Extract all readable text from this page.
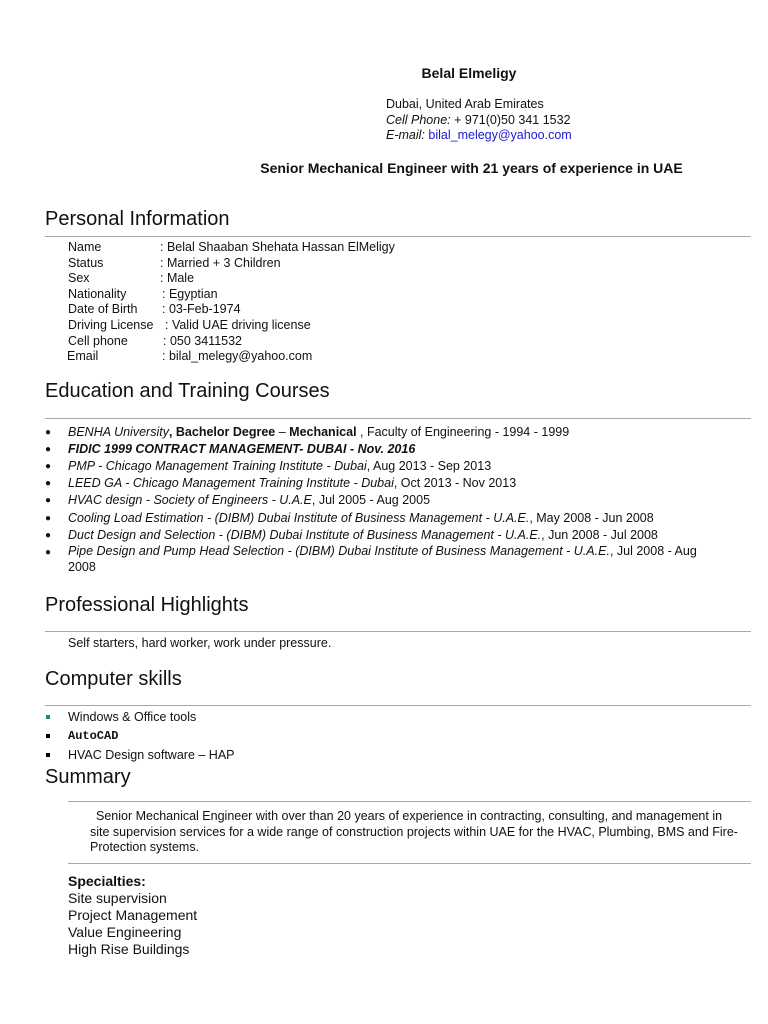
Belal Elmeligy
Dubai, United Arab Emirates
Cell Phone: + 971(0)50 341 1532
E-mail: bilal_melegy@yahoo.com
Senior Mechanical Engineer with 21 years of experience in UAE
Personal Information
Name	: Belal Shaaban Shehata Hassan ElMeligy
Status	: Married + 3 Children
Sex	: Male
Nationality	: Egyptian
Date of Birth : 03-Feb-1974
Driving License : Valid UAE driving license
Cell phone	: 050 3411532
Email	: bilal_melegy@yahoo.com
Education and Training Courses
● BENHA University, Bachelor Degree – Mechanical , Faculty of Engineering - 1994 - 1999
● FIDIC 1999 CONTRACT MANAGEMENT- DUBAI - Nov. 2016
● PMP - Chicago Management Training Institute - Dubai, Aug 2013 - Sep 2013
● LEED GA - Chicago Management Training Institute - Dubai, Oct 2013 - Nov 2013
● HVAC design - Society of Engineers - U.A.E, Jul 2005 - Aug 2005
● Cooling Load Estimation - (DIBM) Dubai Institute of Business Management - U.A.E., May 2008 - Jun 2008
● Duct Design and Selection - (DIBM) Dubai Institute of Business Management - U.A.E., Jun 2008 - Jul 2008
● Pipe Design and Pump Head Selection - (DIBM) Dubai Institute of Business Management - U.A.E., Jul 2008 - Aug 2008
Professional Highlights
Self starters, hard worker, work under pressure.
Computer skills
Windows & Office tools
AutoCAD
HVAC Design software – HAP
Summary
Senior Mechanical Engineer with over than 20 years of experience in contracting, consulting, and management in site supervision services for a wide range of construction projects within UAE for the HVAC, Plumbing, BMS and Fire-Protection systems.
Specialties:
Site supervision
Project Management
Value Engineering
High Rise Buildings
